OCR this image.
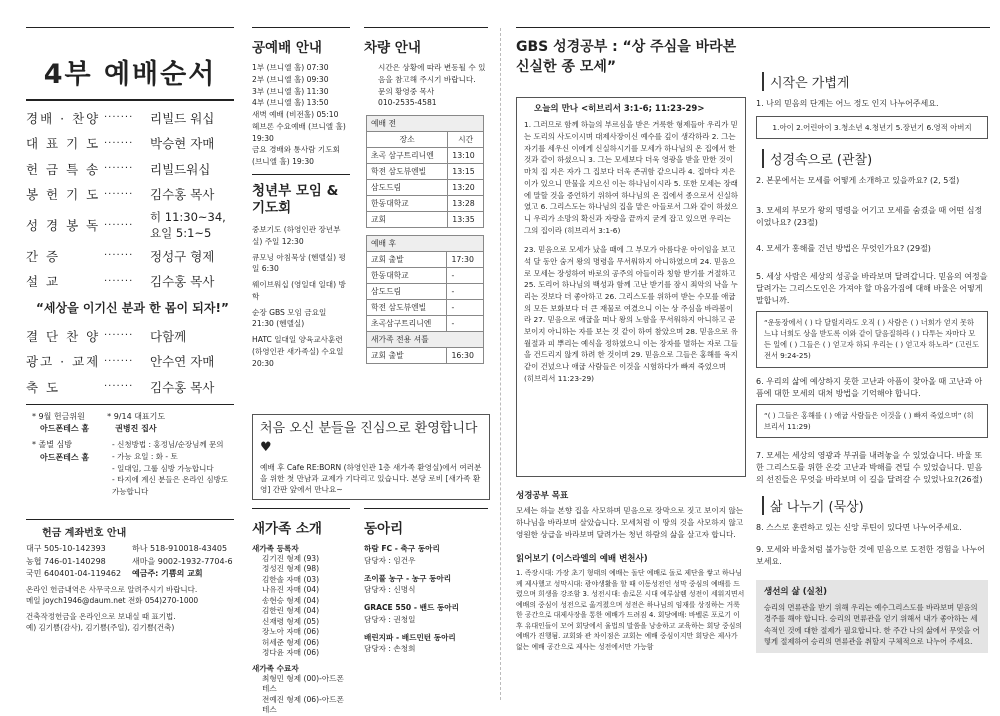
4부 예배순서
경배 · 찬양 ·······	리빌드 워십
대 표 기 도 ·······	박승현 자매
헌 금 특 송 ·······	리빌드워십
봉 헌 기 도 ·······	김수홍 목사
성 경 봉 독 ·······
히 11:30~34, 요일 5:1~5
간 증	·······	정성구 형제
설 교	·······	김수홍 목사
“세상을 이기신 분과 한 몸이 되자!”
결 단 찬 양 ·······	다함께
광고 · 교제 ·······	안수연 자매
축 도	·······	김수홍 목사
* 9월 헌금위원
아드폰테스 홈
* 9/14 대표기도
권병진 집사
* 졸별 심방
아드폰테스 홈
- 신청방법 : 홍정님/순장님께 문의
- 가능 요일 : 화 - 토
- 일대일, 그룹 심방 가능합니다
- 타지에 계신 분들은 온라인 심방도 가능합니다
헌금 계좌번호 안내
대구 505-10-142393	하나 518-910018-43405
농협 746-01-140298	새마을 9002-1932-7704-6
국민 640401-04-119462	예금주: 기쁨의 교회
온라인 헌금내역은 사무국으로 알려주시기 바랍니다.
메일 joych1946@daum.net 전화 054)270-1000
건축작정헌금을 온라인으로 보내실 때 표기법.
예) 김기쁨(감사), 김기쁨(주일), 김기쁨(건축)
공예배 안내
1부 (브니엘 홀) 07:30
2부 (브니엘 홀) 09:30
3부 (브니엘 홀) 11:30
4부 (브니엘 홀) 13:50
새벽 예배 (비전홀) 05:10
헤브론 수요예배 (브니엘 홀) 19:30
금요 경배와 통사람 기도회 (브니엘 홀) 19:30
청년부 모임 & 기도회
중보기도 (하영인관 장년부실) 주일 12:30
큐모닝 아침묵상 (헨델실) 평일 6:30
웨이브워십 (영일대 일대) 방학
순장 GBS 모임 금요일 21:30 (헨델실)
HATC 일대일 양육교사훈련 (하영인관 새가족실) 수요일 20:30
차량 안내
시간은 상황에 따라 변동될 수 있음을 참고해 주시기 바랍니다.
문의 황영중 목사
010-2535-4581
예배 전	
장소	시간
초곡 삼구트리니엔	13:10
학전 삼도뷰엔빌	13:15
삼도드림	13:20
한동대학교	13:28
교회	13:35
예배 후	
교회 출발	17:30
한동대학교	-
삼도드림	-
학전 삼도뷰엔빌	-
초곡삼구트리니엔	-
새가족 전용 셔틀	
교회 출발	16:30
처음 오신 분들을 진심으로 환영합니다 ♥
예배 후 Cafe RE:BORN (하영인관 1층 새가족 환영실)에서 여러분을 위한 첫 만남과 교제가 기다리고 있습니다. 본당 로비 [새가족 환영] 간판 앞에서 만나요~
새가족 소개
새가족 등록자
김기진 형제 (93)
정성진 형제 (98)
김한솔 자매 (03)
나유진 자매 (04)
송현승 형제 (04)
김한린 형제 (04)
신재령 형제 (05)
장노아 자매 (06)
허세준 형제 (06)
정다윤 자매 (06)
새가족 수료자
최형민 형제 (00)-아드폰테스
전예진 형제 (06)-아드폰테스
동아리
하람 FC - 축구 동아리
담당자 : 임건우
조이풀 농구 - 농구 동아리
담당자 : 신명식
GRACE 550 - 밴드 동아리
담당자 : 권청일
배린지파 - 배드민턴 동아리
담당자 : 손청희
GBS 성경공부 : “상 주심을 바라본 신실한 종 모세”
오늘의 만나 <히브리서 3:1-6; 11:23-29>
1. 그러므로 함께 하늘의 부르심을 받은 거룩한 형제들아 우리가 믿는 도리의 사도이시며 대제사장이신 예수를 깊이 생각하라 2. 그는 자기를 세우신 이에게 신실하시기를 모세가 하나님의 온 집에서 한 것과 같이 하셨으니 3. 그는 모세보다 더욱 영광을 받을 만한 것이 마치 집 지은 자가 그 집보다 더욱 존귀함 같으니라 4. 집마다 지은 이가 있으니 만물을 지으신 이는 하나님이시라 5. 또한 모세는 장래에 말할 것을 증언하기 위하여 하나님의 온 집에서 종으로서 신실하였고 6. 그리스도는 하나님의 집을 맡은 아들로서 그와 같이 하셨으니 우리가 소망의 확신과 자랑을 끝까지 굳게 잡고 있으면 우리는 그의 집이라 (히브리서 3:1-6)
23. 믿음으로 모세가 났을 때에 그 부모가 아름다운 아이임을 보고 석 달 동안 숨겨 왕의 명령을 무서워하지 아니하였으며 24. 믿음으로 모세는 장성하여 바로의 공주의 아들이라 칭함 받기를 거절하고 25. 도리어 하나님의 백성과 함께 고난 받기를 잠시 죄악의 낙을 누리는 것보다 더 좋아하고 26. 그리스도를 위하여 받는 수모를 애굽의 모든 보화보다 더 큰 재물로 여겼으니 이는 상 주심을 바라봄이라 27. 믿음으로 애굽을 떠나 왕의 노함을 무서워하지 아니하고 곧 보이지 아니하는 자를 보는 것 같이 하여 참았으며 28. 믿음으로 유월절과 피 뿌리는 예식을 정하였으니 이는 장자를 멸하는 자로 그들을 건드리지 않게 하려 한 것이며 29. 믿음으로 그들은 홍해를 육지 같이 건넜으나 애굽 사람들은 이것을 시험하다가 빠져 죽었으며 (히브리서 11:23-29)
성경공부 목표
모세는 하늘 본향 집을 사모하며 믿음으로 장막으로 짓고 보이지 않는 하나님을 바라보며 살았습니다. 모세처럼 이 땅의 것을 사모하지 않고 영원한 상급을 바라보며 달려가는 청년 하람의 삶을 살고자 합니다.
읽어보기 (이스라엘의 예배 변천사)
1. 족장시대: 가장 초기 형태의 예배는 돌단 예배로 돌로 제단을 쌓고 하나님께 제사했고 성막시대: 광야생활을 할 때 이동성전인 성막 중심의 예배를 드렸으며 희생을 강조함 3. 성전시대: 솔로몬 시대 예루살렘 성전이 세워지면서 예배의 중심이 성전으로 옮겨졌으며 성전은 하나님의 임재를 상징하는 거룩한 공간으로 대제사장을 통한 예배가 드려짐 4. 회당예배: 바벨론 포로기 이후 유대인들이 모여 회당에서 율법의 말씀을 낭송하고 교육하는 회당 중심의 예배가 진행됨. 교회와 관 차이점은 교회는 예배 중심이지만 회당은 제사가 없는 예배 공간으로 제사는 성전에서만 가능함
시작은 가볍게
1. 나의 믿음의 단계는 어느 정도 인지 나누어주세요.
1.아이 2.어린아이 3.청소년 4.청년기 5.장년기 6.영적 아버지
성경속으로 (관찰)
2. 본문에서는 모세를 어떻게 소개하고 있을까요? (2, 5절)
3. 모세의 부모가 왕의 명령을 어기고 모세를 숨겼을 때 어떤 심정이었나요? (23절)
4. 모세가 홍해를 건넌 방법은 무엇인가요? (29절)
5. 세상 사람은 세상의 성공을 바라보며 달려갑니다. 믿음의 여정을 달려가는 그리스도인은 가져야 할 마음가짐에 대해 바울은 어떻게 말합니까.
“운동장에서 ( ) 다 달릴지라도 오직 ( ) 사람은 ( ) 너희가 얻지 못하느냐 너희도 상을 받도록 이와 같이 달음질하라 ( ) 다투는 자마다 모든 일에 ( ) 그들은 ( ) 얻고자 하되 우리는 ( ) 얻고자 하노라” (고린도전서 9:24-25)
6. 우리의 삶에 예상하지 못한 고난과 아픔이 찾아올 때 고난과 아픔에 대한 모세의 대처 방법을 기억해야 합니다.
“( ) 그들은 홍해를 ( ) 애굽 사람들은 이것을 ( ) 빠져 죽었으며” (히브리서 11:29)
7. 모세는 세상의 영광과 부귀를 내려놓을 수 있었습니다. 바울 또한 그리스도를 위한 온갖 고난과 박해를 견딜 수 있었습니다. 믿음의 선진들은 무엇을 바라보며 이 길을 달려갈 수 있었나요?(26절)
삶 나누기 (묵상)
8. 스스로 훈련하고 있는 신앙 루틴이 있다면 나누어주세요.
9. 모세와 바울처럼 불가능한 것에 믿음으로 도전한 경험을 나누어 보세요.
생선의 삶 (실천)
승리의 면류관을 받기 위해 우리는 예수그리스도를 바라보며 믿음의 경주를 해야 합니다. 승리의 면류관을 얻기 위해서 내가 좋아하는 세속적인 것에 대한 절제가 필요합니다. 한 주간 나의 삶에서 무엇을 어떻게 절제하여 승리의 면류관을 취할지 구체적으로 나누어 주세요.
